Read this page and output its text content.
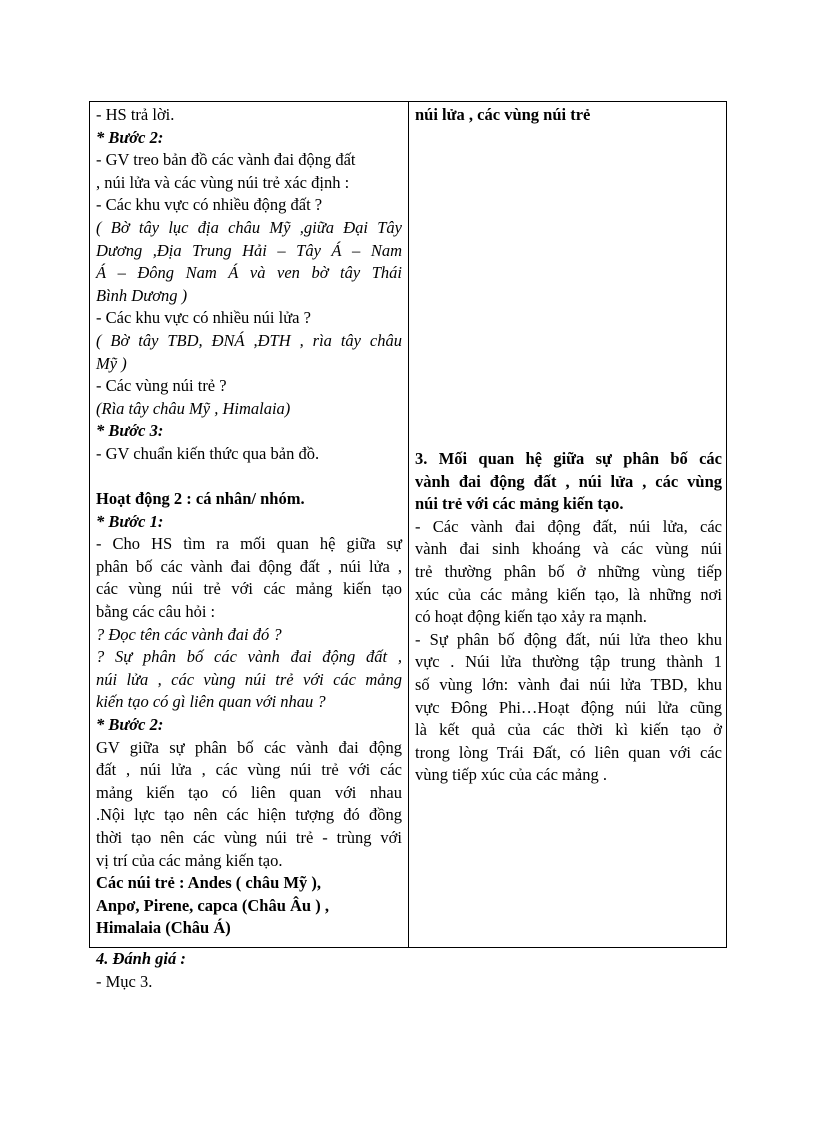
- HS trả lời.
* Bước 2:
- GV treo bản đồ các vành đai động đất
, núi lửa và các vùng núi trẻ xác định :
- Các khu vực có nhiều động đất ?
( Bờ tây lục địa châu Mỹ ,giữa Đại Tây
Dương ,Địa Trung Hải – Tây Á – Nam
Á – Đông Nam Á và ven bờ tây Thái
Bình Dương )
- Các khu vực có nhiều núi lửa ?
( Bờ tây TBD, ĐNÁ ,ĐTH , rìa tây châu
Mỹ )
- Các vùng núi trẻ ?
(Rìa tây châu Mỹ , Himalaia)
* Bước 3:
- GV chuẩn kiến thức qua bản đồ.
Hoạt động 2 : cá nhân/ nhóm.
* Bước 1:
- Cho HS tìm ra mối quan hệ giữa sự
phân bố các vành đai động đất , núi lửa ,
các vùng núi trẻ với các mảng kiến tạo
bằng các câu hỏi :
? Đọc tên các vành đai đó ?
? Sự phân bố các vành đai động đất ,
núi lửa , các vùng núi trẻ với các mảng
kiến tạo có gì liên quan với nhau ?
* Bước 2:
GV giữa sự phân bố các vành đai động
đất , núi lửa , các vùng núi trẻ với các
mảng kiến tạo có liên quan với nhau
.Nội lực tạo nên các hiện tượng đó đồng
thời tạo nên các vùng núi trẻ - trùng với
vị trí của các mảng kiến tạo.
Các núi trẻ : Andes ( châu Mỹ ),
Anpơ, Pirene, capca (Châu Âu ) ,
Himalaia (Châu Á)
núi lửa , các vùng núi trẻ
3. Mối quan hệ giữa sự phân bố các
vành đai động đất , núi lửa , các vùng
núi trẻ với các mảng kiến tạo.
- Các vành đai động đất, núi lửa, các
vành đai sinh khoáng và các vùng núi
trẻ thường phân bố ở những vùng tiếp
xúc của các mảng kiến tạo, là những nơi
có hoạt động kiến tạo xảy ra mạnh.
- Sự phân bố động đất, núi lửa theo khu
vực . Núi lửa thường tập trung thành 1
số vùng lớn: vành đai núi lửa TBD, khu
vực Đông Phi…Hoạt động núi lửa cũng
là kết quả của các thời kì kiến tạo ở
trong lòng Trái Đất, có liên quan với các
vùng tiếp xúc của các mảng .
4. Đánh giá :
- Mục 3.
